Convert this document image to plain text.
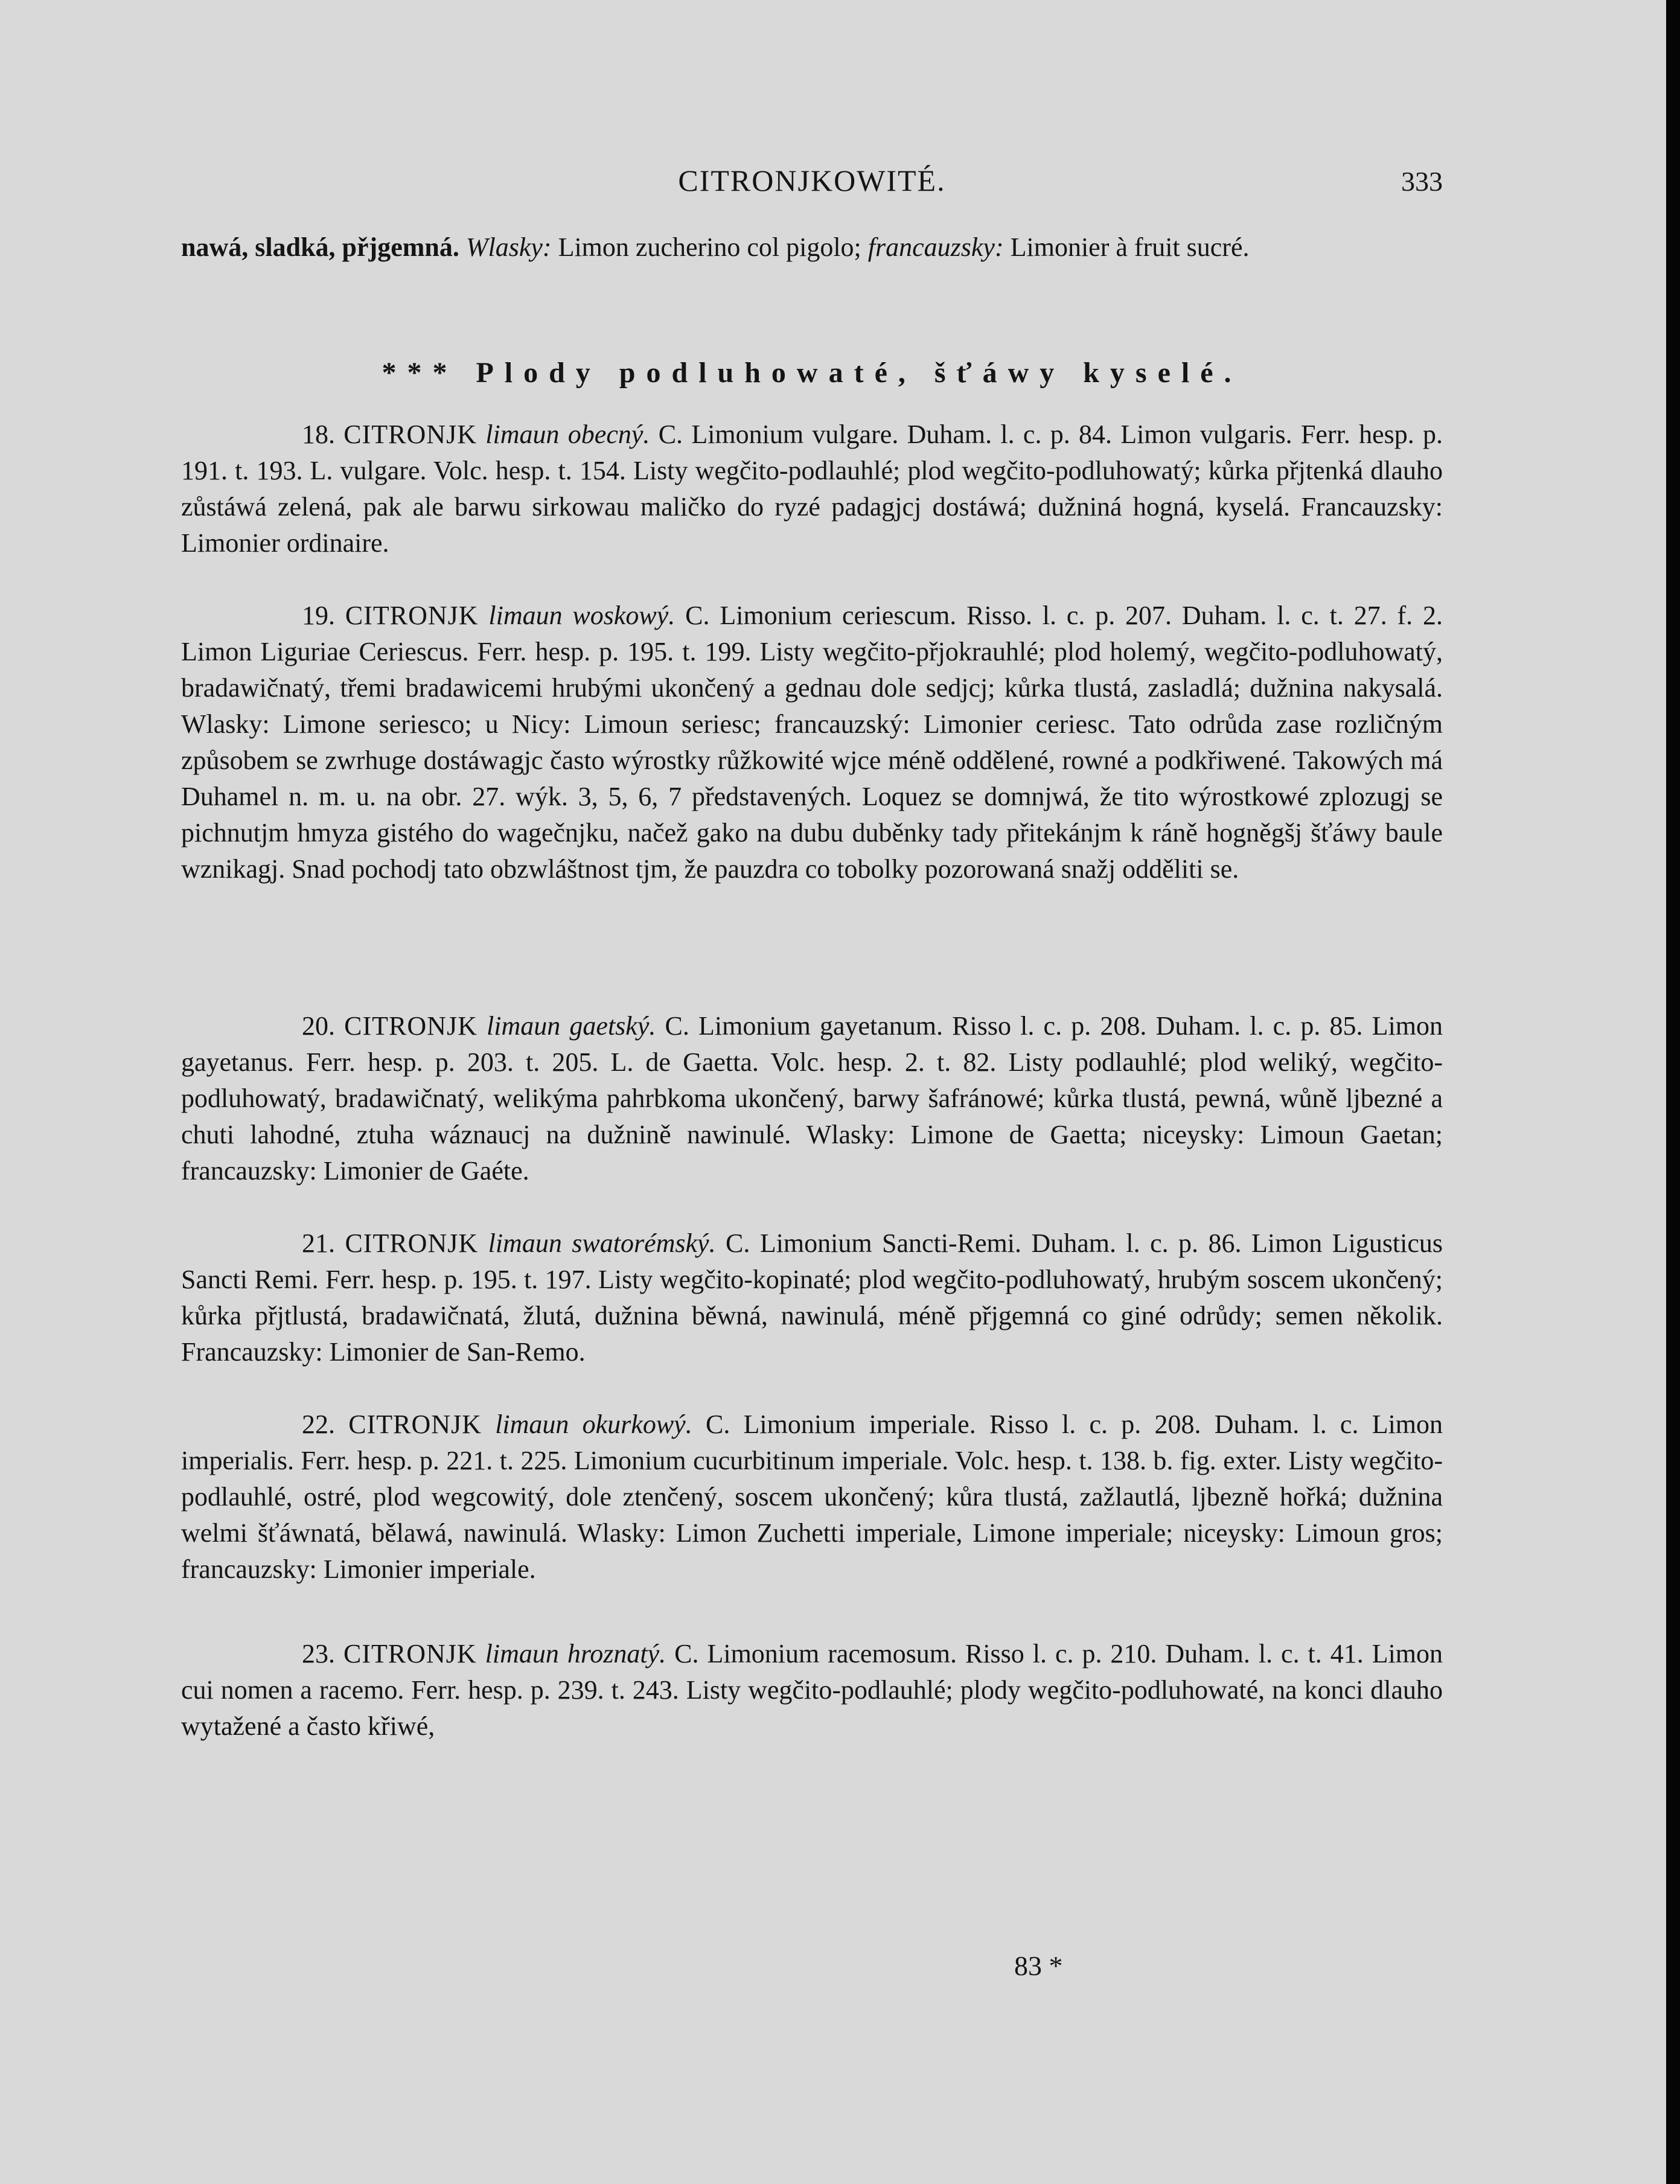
CITRONJKOWITÉ.	333

nawá, sladká, přjgemná. Wlasky: Limon zucherino col pigolo; francauzsky: Limonier à fruit sucré.

*** Plody podluhowaté, šťáwy kyselé.

18. CITRONJK limaun obecný. C. Limonium vulgare. Duham. l. c. p. 84. Limon vulgaris. Ferr. hesp. p. 191. t. 193. L. vulgare. Volc. hesp. t. 154. Listy wegčito-podlauhlé; plod wegčito-podluhowatý; kůrka přjtenká dlauho zůstáwá zelená, pak ale barwu sirkowau maličko do ryzé padagjcj dostáwá; dužniná hogná, kyselá. Francauzsky: Limonier ordinaire.

19. CITRONJK limaun woskowý. C. Limonium ceriescum. Risso. l. c. p. 207. Duham. l. c. t. 27. f. 2. Limon Liguriae Ceriescus. Ferr. hesp. p. 195. t. 199. Listy wegčito-přjokrauhlé; plod holemý, wegčito-podluhowatý, bradawičnatý, třemi bradawicemi hrubými ukončený a gednau dole sedjcj; kůrka tlustá, zasladlá; dužnina nakysalá. Wlasky: Limone seriesco; u Nicy: Limoun seriesc; francauzský: Limonier ceriesc. Tato odrůda zase rozličným způsobem se zwrhuge dostáwagjc často wýrostky růžkowité wjce méně oddělené, rowné a podkřiwené. Takowých má Duhamel n. m. u. na obr. 27. wýk. 3, 5, 6, 7 představených. Loquez se domnjwá, že tito wýrostkowé zplozugj se pichnutjm hmyza gistého do wagečnjku, načež gako na dubu duběnky tady přitekánjm k ráně hogněgšj šťáwy baule wznikagj. Snad pochodj tato obzwláštnost tjm, že pauzdra co tobolky pozorowaná snažj odděliti se.

20. CITRONJK limaun gaetský. C. Limonium gayetanum. Risso l. c. p. 208. Duham. l. c. p. 85. Limon gayetanus. Ferr. hesp. p. 203. t. 205. L. de Gaetta. Volc. hesp. 2. t. 82. Listy podlauhlé; plod weliký, wegčito-podluhowatý, bradawičnatý, welikýma pahrbkoma ukončený, barwy šafránowé; kůrka tlustá, pewná, wůně ljbezné a chuti lahodné, ztuha wáznaucj na dužnině nawinulé. Wlasky: Limone de Gaetta; niceysky: Limoun Gaetan; francauzsky: Limonier de Gaéte.

21. CITRONJK limaun swatorémský. C. Limonium Sancti-Remi. Duham. l. c. p. 86. Limon Ligusticus Sancti Remi. Ferr. hesp. p. 195. t. 197. Listy wegčito-kopinaté; plod wegčito-podluhowatý, hrubým soscem ukončený; kůrka přjtlustá, bradawičnatá, žlutá, dužnina běwná, nawinulá, méně přjgemná co giné odrůdy; semen několik. Francauzsky: Limonier de San-Remo.

22. CITRONJK limaun okurkowý. C. Limonium imperiale. Risso l. c. p. 208. Duham. l. c. Limon imperialis. Ferr. hesp. p. 221. t. 225. Limonium cucurbitinum imperiale. Volc. hesp. t. 138. b. fig. exter. Listy wegčito-podlauhlé, ostré, plod wegcowitý, dole ztenčený, soscem ukončený; kůra tlustá, zažlautlá, ljbezně hořká; dužnina welmi šťáwnatá, bělawá, nawinulá. Wlasky: Limon Zuchetti imperiale, Limone imperiale; niceysky: Limoun gros; francauzsky: Limonier imperiale.

23. CITRONJK limaun hroznatý. C. Limonium racemosum. Risso l. c. p. 210. Duham. l. c. t. 41. Limon cui nomen a racemo. Ferr. hesp. p. 239. t. 243. Listy wegčito-podlauhlé; plody wegčito-podluhowaté, na konci dlauho wytažené a často křiwé,

83 *
